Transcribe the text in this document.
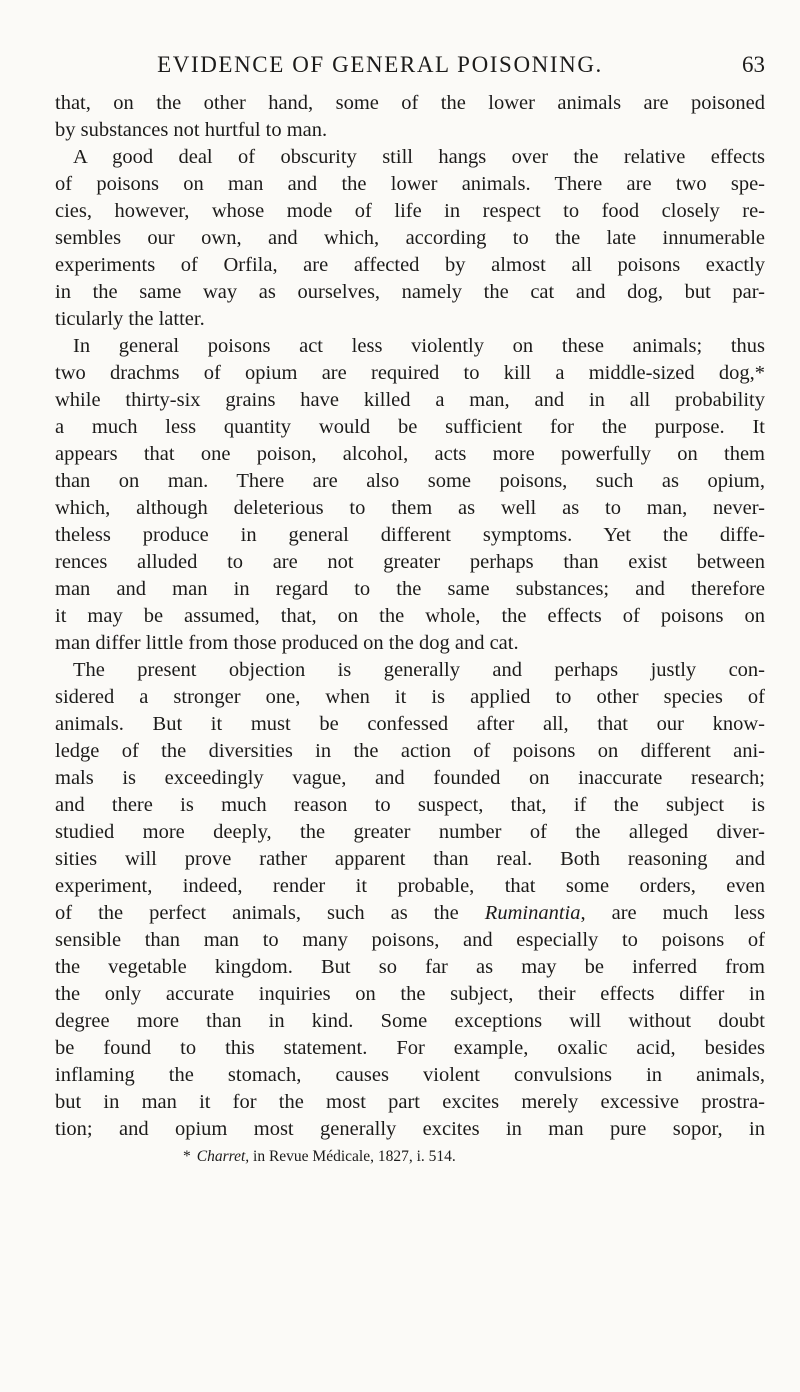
EVIDENCE OF GENERAL POISONING.	63
that, on the other hand, some of the lower animals are poisoned
by substances not hurtful to man.
A good deal of obscurity still hangs over the relative effects
of poisons on man and the lower animals. There are two spe-
cies, however, whose mode of life in respect to food closely re-
sembles our own, and which, according to the late innumerable
experiments of Orfila, are affected by almost all poisons exactly
in the same way as ourselves, namely the cat and dog, but par-
ticularly the latter.
In general poisons act less violently on these animals; thus
two drachms of opium are required to kill a middle-sized dog,*
while thirty-six grains have killed a man, and in all probability
a much less quantity would be sufficient for the purpose. It
appears that one poison, alcohol, acts more powerfully on them
than on man. There are also some poisons, such as opium,
which, although deleterious to them as well as to man, never-
theless produce in general different symptoms. Yet the diffe-
rences alluded to are not greater perhaps than exist between
man and man in regard to the same substances; and therefore
it may be assumed, that, on the whole, the effects of poisons on
man differ little from those produced on the dog and cat.
The present objection is generally and perhaps justly con-
sidered a stronger one, when it is applied to other species of
animals. But it must be confessed after all, that our know-
ledge of the diversities in the action of poisons on different ani-
mals is exceedingly vague, and founded on inaccurate research;
and there is much reason to suspect, that, if the subject is
studied more deeply, the greater number of the alleged diver-
sities will prove rather apparent than real. Both reasoning and
experiment, indeed, render it probable, that some orders, even
of the perfect animals, such as the Ruminantia, are much less
sensible than man to many poisons, and especially to poisons of
the vegetable kingdom. But so far as may be inferred from
the only accurate inquiries on the subject, their effects differ in
degree more than in kind. Some exceptions will without doubt
be found to this statement. For example, oxalic acid, besides
inflaming the stomach, causes violent convulsions in animals,
but in man it for the most part excites merely excessive prostra-
tion; and opium most generally excites in man pure sopor, in
* Charret, in Revue Médicale, 1827, i. 514.
